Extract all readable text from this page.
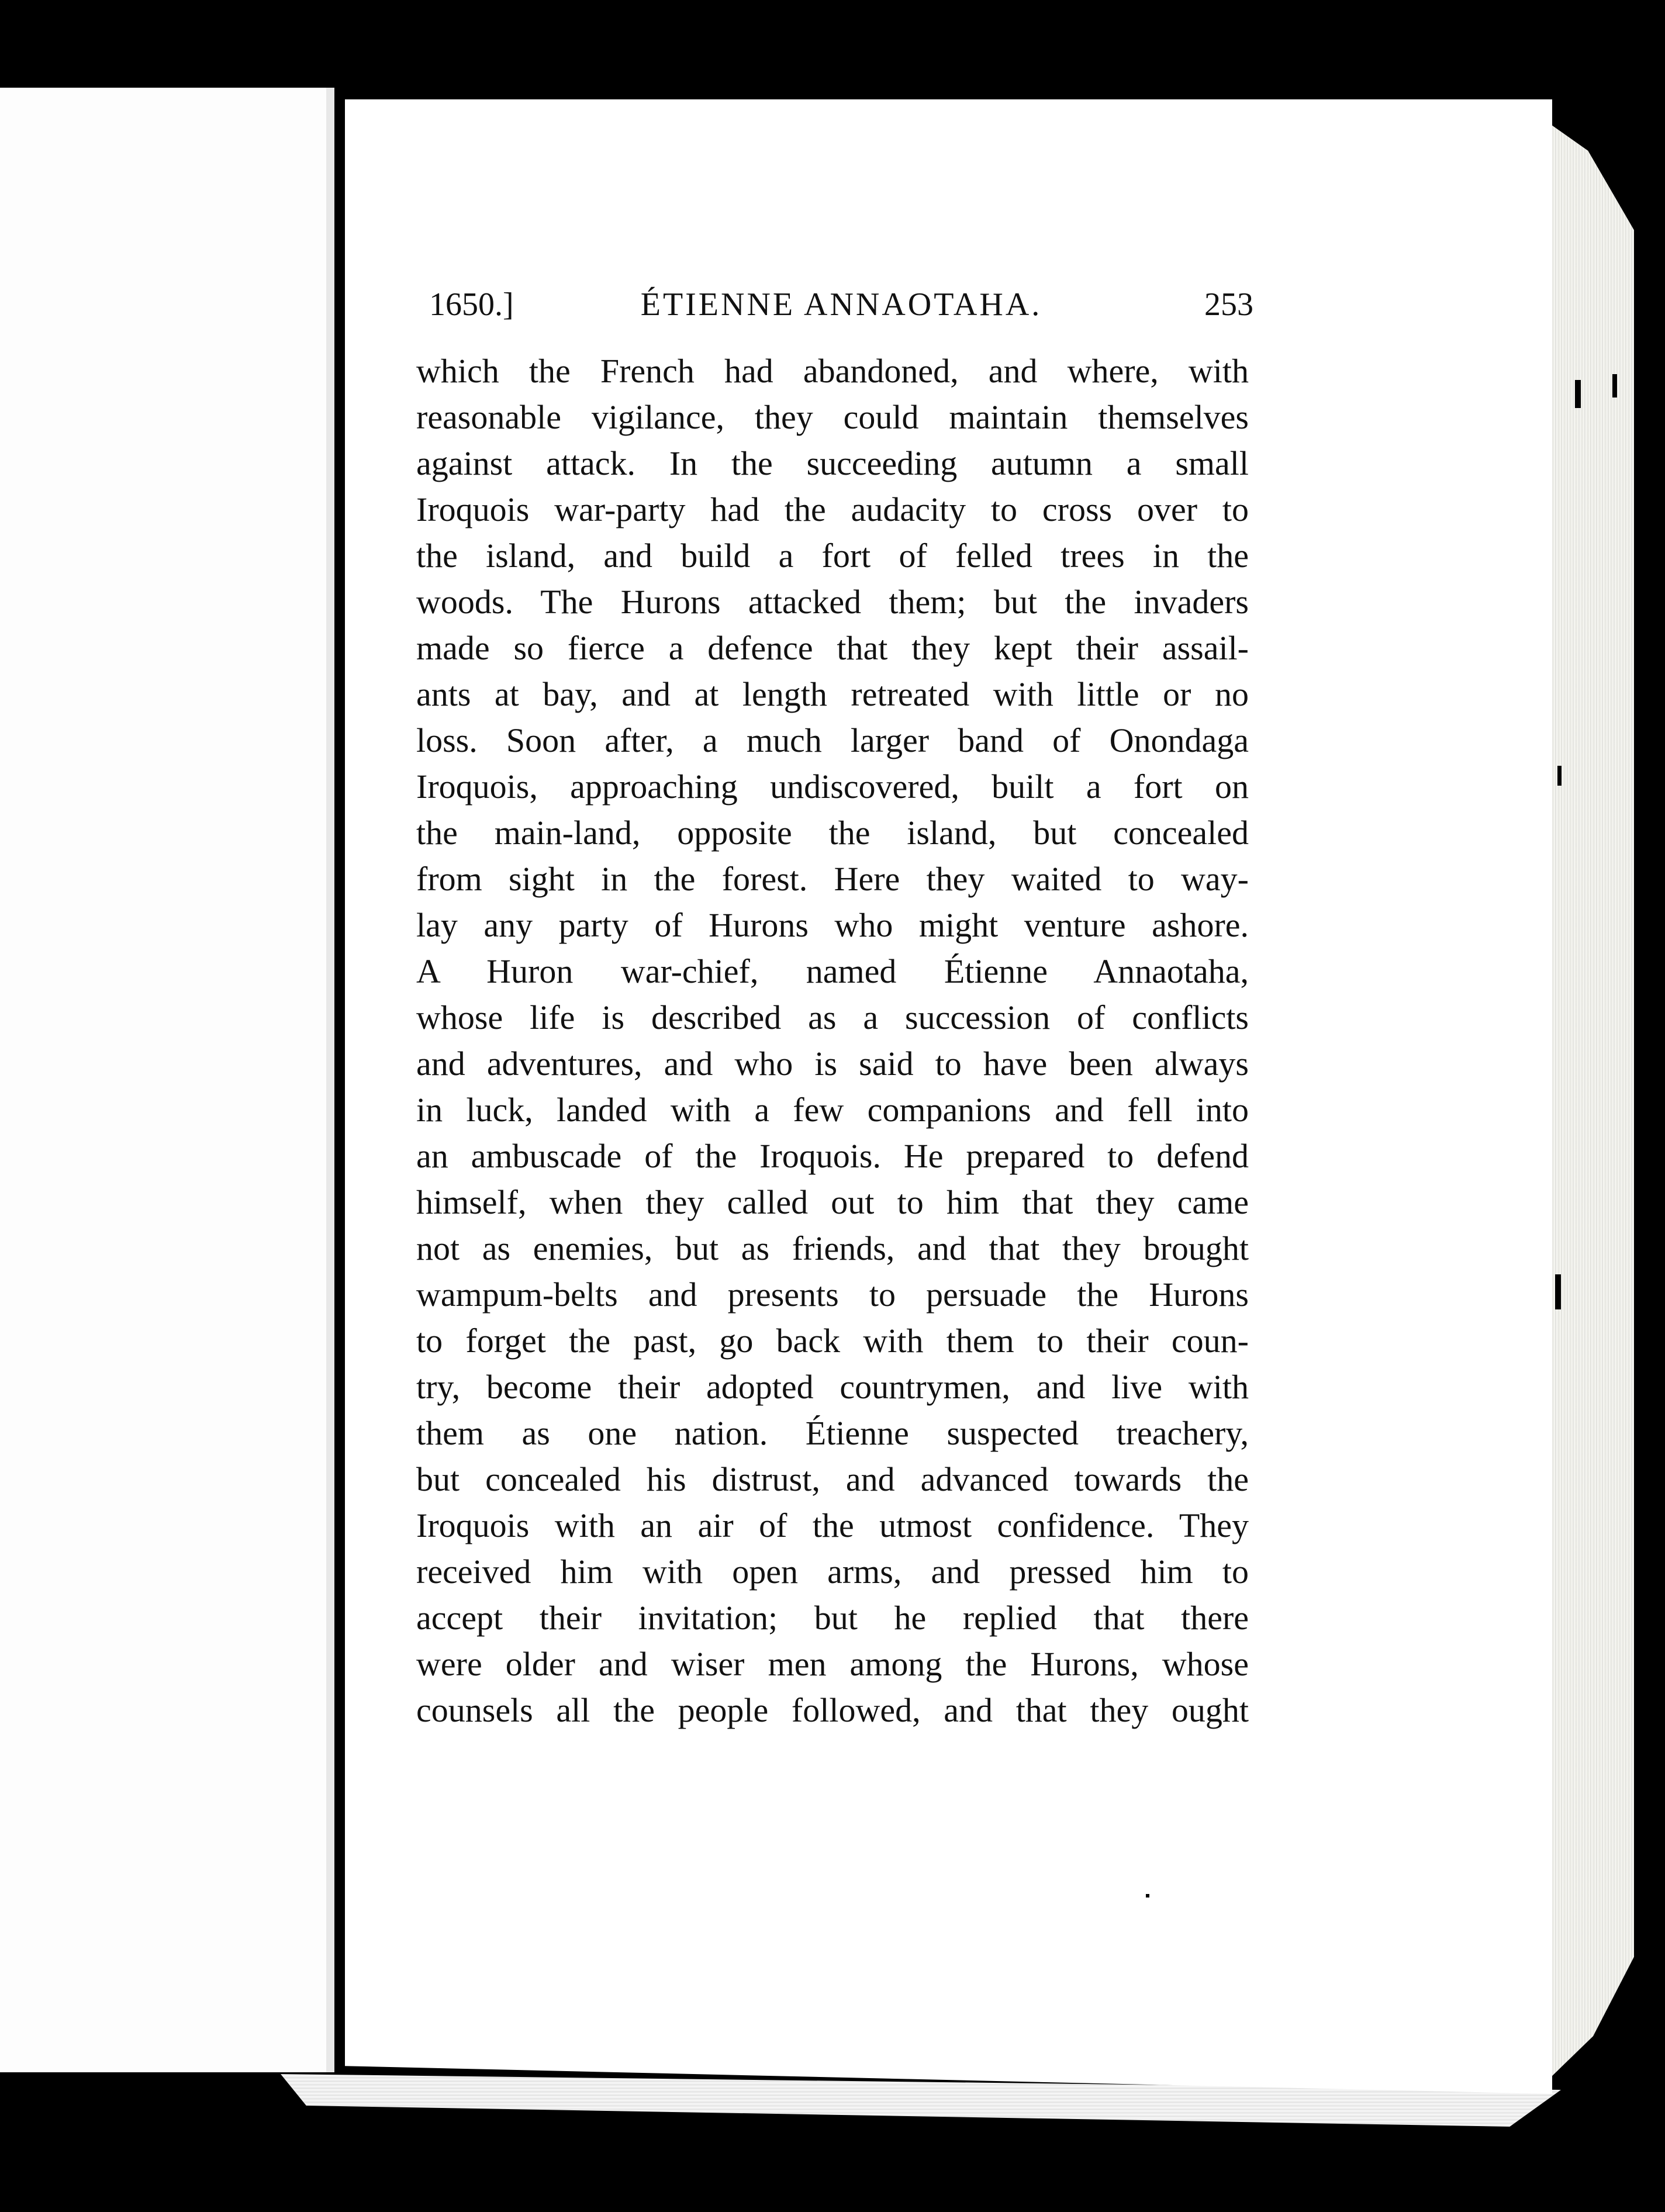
1650.]	ÉTIENNE ANNAOTAHA.	253
which the French had abandoned, and where, with
reasonable vigilance, they could maintain themselves
against attack. In the succeeding autumn a small
Iroquois war-party had the audacity to cross over to
the island, and build a fort of felled trees in the
woods. The Hurons attacked them; but the invaders
made so fierce a defence that they kept their assail-
ants at bay, and at length retreated with little or no
loss. Soon after, a much larger band of Onondaga
Iroquois, approaching undiscovered, built a fort on
the main-land, opposite the island, but concealed
from sight in the forest. Here they waited to way-
lay any party of Hurons who might venture ashore.
A Huron war-chief, named Étienne Annaotaha,
whose life is described as a succession of conflicts
and adventures, and who is said to have been always
in luck, landed with a few companions and fell into
an ambuscade of the Iroquois. He prepared to defend
himself, when they called out to him that they came
not as enemies, but as friends, and that they brought
wampum-belts and presents to persuade the Hurons
to forget the past, go back with them to their coun-
try, become their adopted countrymen, and live with
them as one nation. Étienne suspected treachery,
but concealed his distrust, and advanced towards the
Iroquois with an air of the utmost confidence. They
received him with open arms, and pressed him to
accept their invitation; but he replied that there
were older and wiser men among the Hurons, whose
counsels all the people followed, and that they ought
